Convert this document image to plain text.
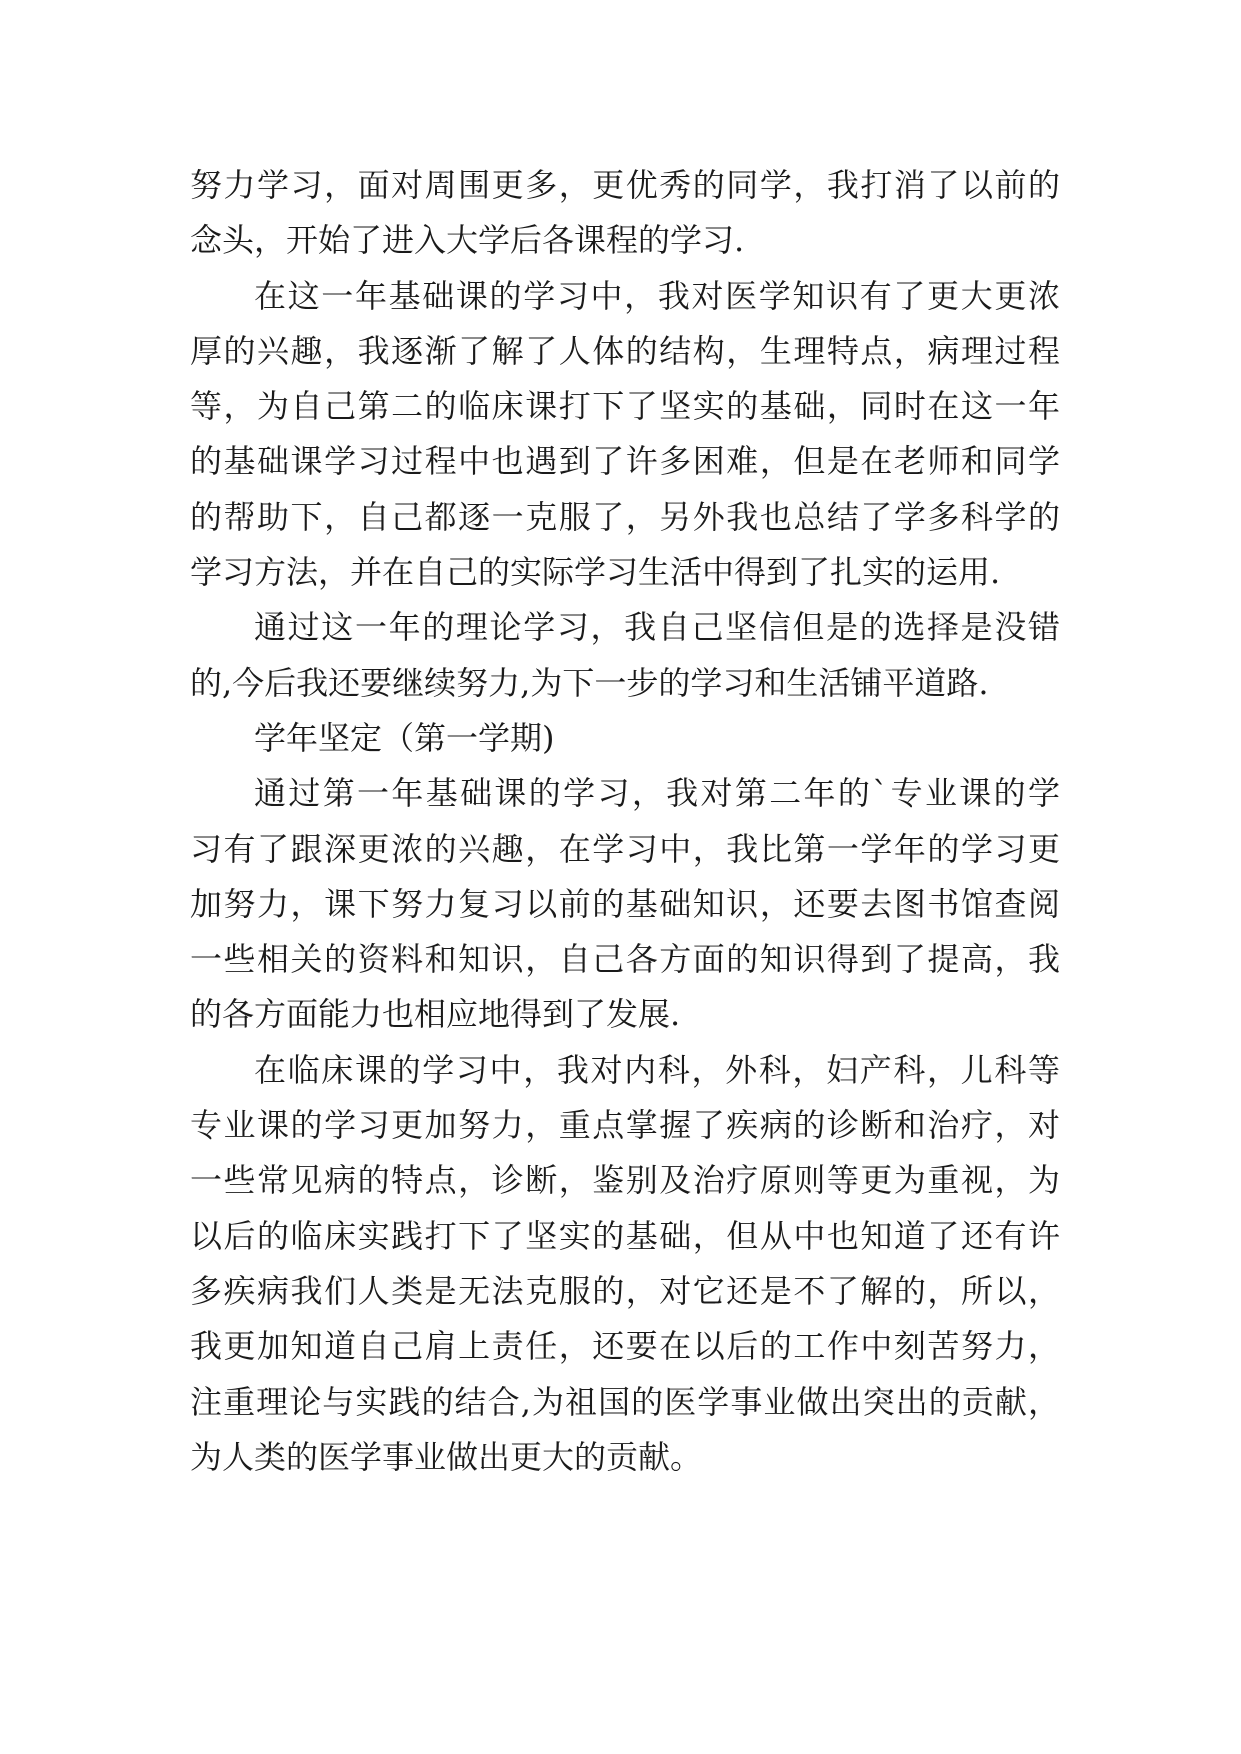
努力学习，面对周围更多，更优秀的同学，我打消了以前的
念头，开始了进入大学后各课程的学习.
在这一年基础课的学习中，我对医学知识有了更大更浓
厚的兴趣，我逐渐了解了人体的结构，生理特点，病理过程
等，为自己第二的临床课打下了坚实的基础，同时在这一年
的基础课学习过程中也遇到了许多困难，但是在老师和同学
的帮助下，自己都逐一克服了，另外我也总结了学多科学的
学习方法，并在自己的实际学习生活中得到了扎实的运用.
通过这一年的理论学习，我自己坚信但是的选择是没错
的,今后我还要继续努力,为下一步的学习和生活铺平道路.
学年坚定（第一学期)
通过第一年基础课的学习，我对第二年的`专业课的学
习有了跟深更浓的兴趣，在学习中，我比第一学年的学习更
加努力，课下努力复习以前的基础知识，还要去图书馆查阅
一些相关的资料和知识，自己各方面的知识得到了提高，我
的各方面能力也相应地得到了发展.
在临床课的学习中，我对内科，外科，妇产科，儿科等
专业课的学习更加努力，重点掌握了疾病的诊断和治疗，对
一些常见病的特点，诊断，鉴别及治疗原则等更为重视，为
以后的临床实践打下了坚实的基础，但从中也知道了还有许
多疾病我们人类是无法克服的，对它还是不了解的，所以，
我更加知道自己肩上责任，还要在以后的工作中刻苦努力，
注重理论与实践的结合,为祖国的医学事业做出突出的贡献，
为人类的医学事业做出更大的贡献。
